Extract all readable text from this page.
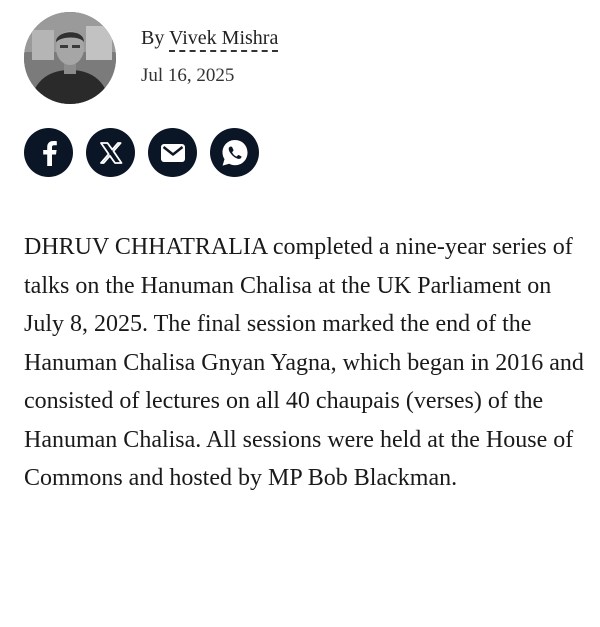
By Vivek Mishra
Jul 16, 2025

DHRUV CHHATRALIA completed a nine-year series of talks on the Hanuman Chalisa at the UK Parliament on July 8, 2025. The final session marked the end of the Hanuman Chalisa Gnyan Yagna, which began in 2016 and consisted of lectures on all 40 chaupais (verses) of the Hanuman Chalisa. All sessions were held at the House of Commons and hosted by MP Bob Blackman.
